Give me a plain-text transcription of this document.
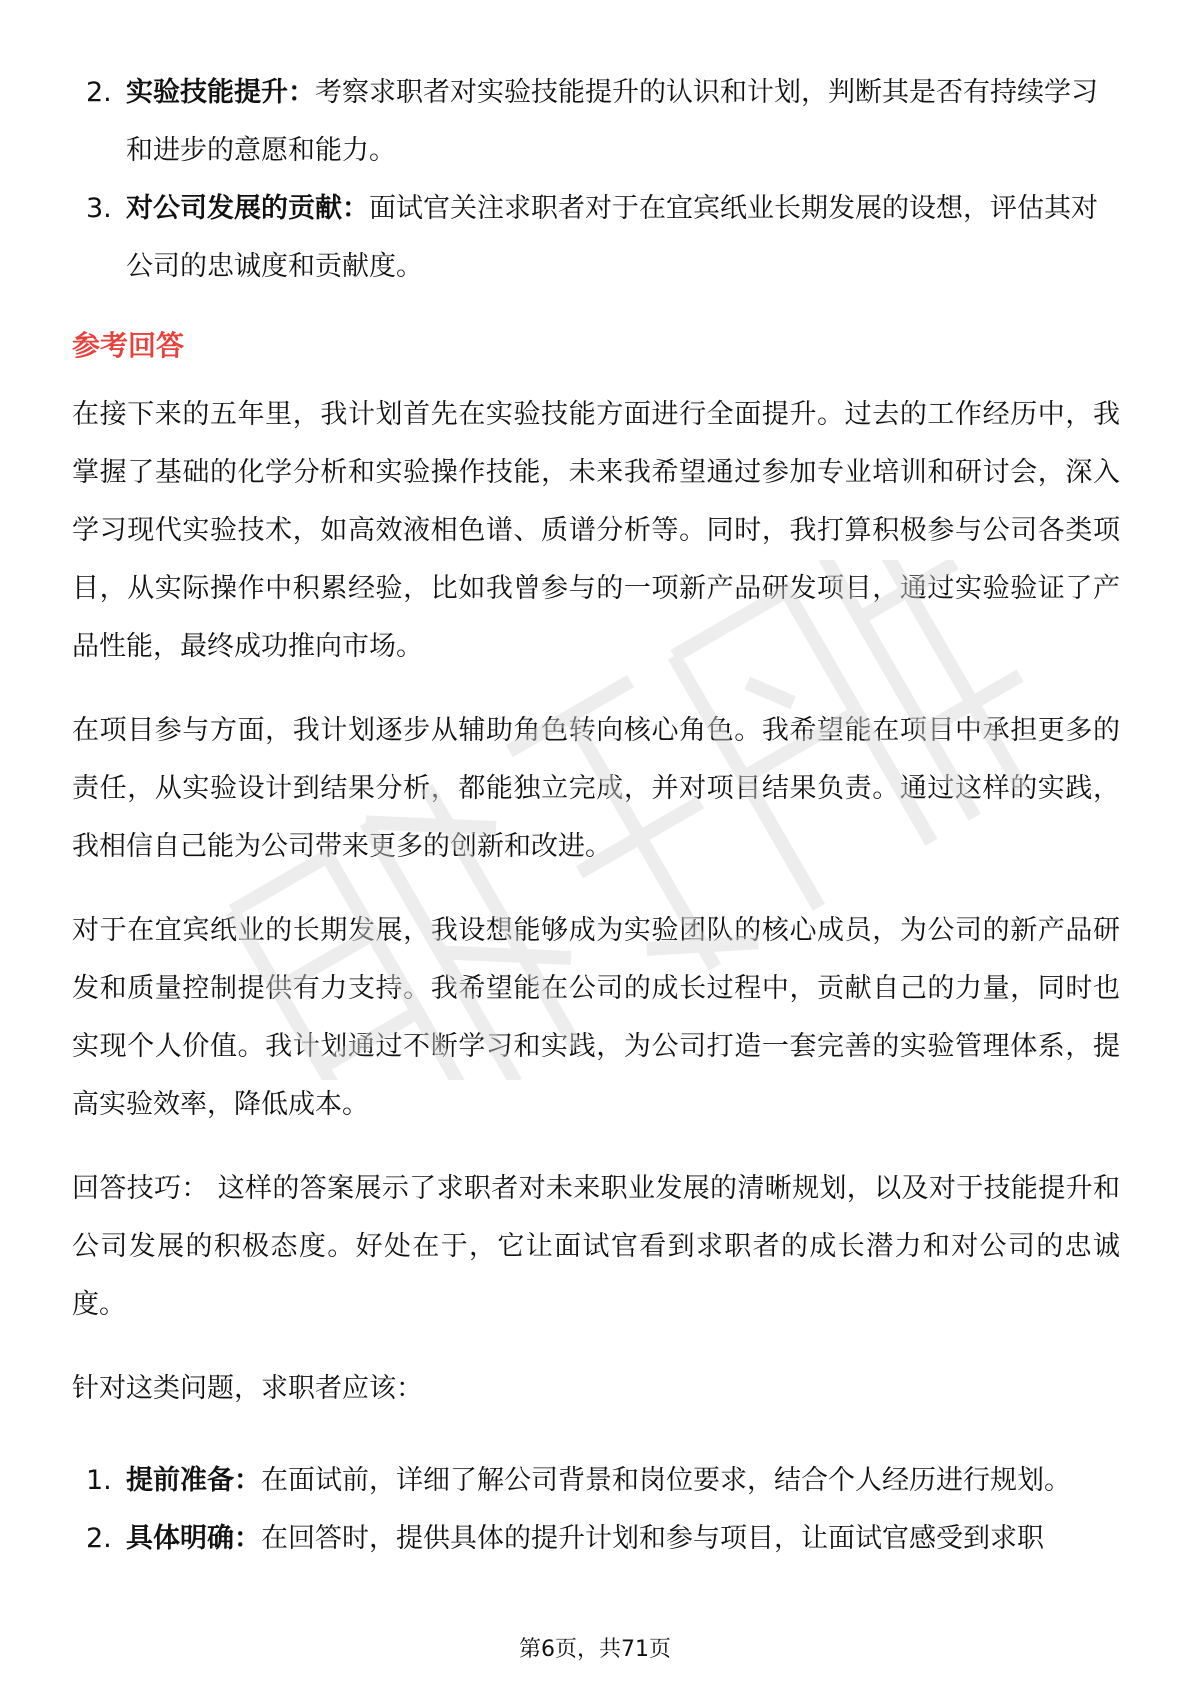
2. 实验技能提升：考察求职者对实验技能提升的认识和计划，判断其是否有持续学习和进步的意愿和能力。
3. 对公司发展的贡献：面试官关注求职者对于在宜宾纸业长期发展的设想，评估其对公司的忠诚度和贡献度。
参考回答

在接下来的五年里，我计划首先在实验技能方面进行全面提升。过去的工作经历中，我掌握了基础的化学分析和实验操作技能，未来我希望通过参加专业培训和研讨会，深入学习现代实验技术，如高效液相色谱、质谱分析等。同时，我打算积极参与公司各类项目，从实际操作中积累经验，比如我曾参与的一项新产品研发项目，通过实验验证了产品性能，最终成功推向市场。

在项目参与方面，我计划逐步从辅助角色转向核心角色。我希望能在项目中承担更多的责任，从实验设计到结果分析，都能独立完成，并对项目结果负责。通过这样的实践，我相信自己能为公司带来更多的创新和改进。

对于在宜宾纸业的长期发展，我设想能够成为实验团队的核心成员，为公司的新产品研发和质量控制提供有力支持。我希望能在公司的成长过程中，贡献自己的力量，同时也实现个人价值。我计划通过不断学习和实践，为公司打造一套完善的实验管理体系，提高实验效率，降低成本。

回答技巧： 这样的答案展示了求职者对未来职业发展的清晰规划，以及对于技能提升和公司发展的积极态度。好处在于，它让面试官看到求职者的成长潜力和对公司的忠诚度。

针对这类问题，求职者应该：

1. 提前准备：在面试前，详细了解公司背景和岗位要求，结合个人经历进行规划。
2. 具体明确：在回答时，提供具体的提升计划和参与项目，让面试官感受到求职
第6页，共71页
